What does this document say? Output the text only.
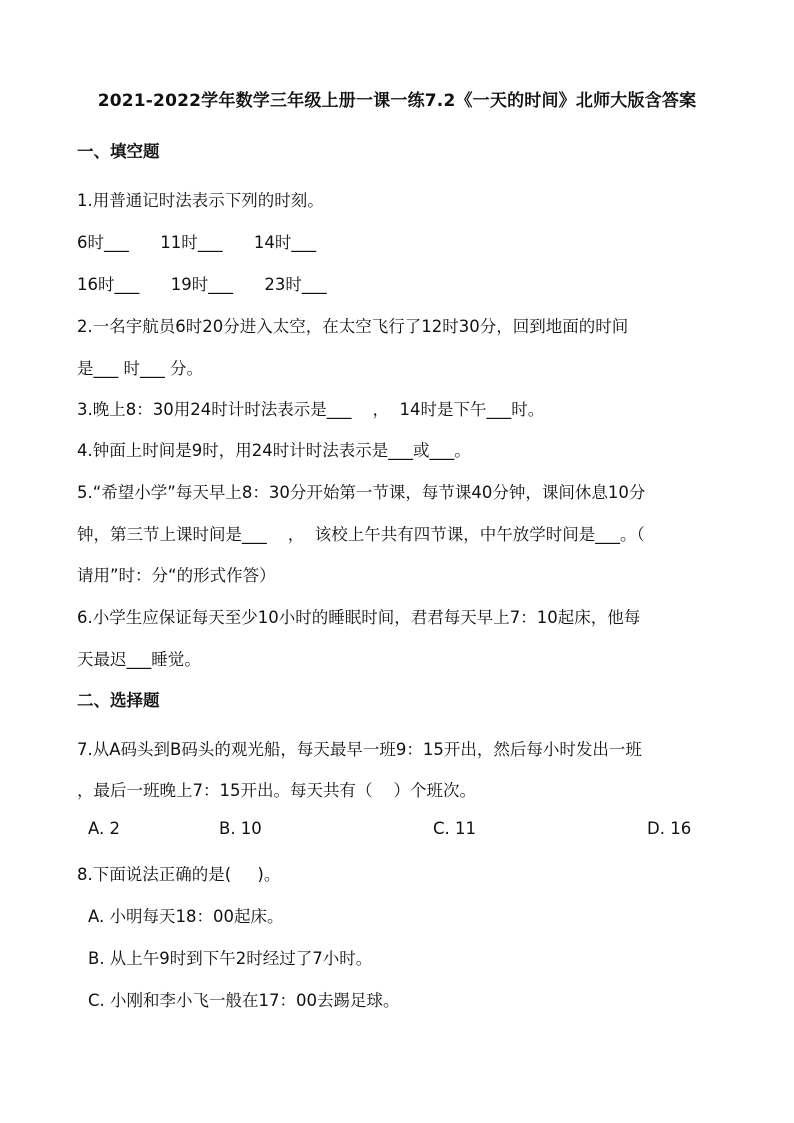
2021-2022学年数学三年级上册一课一练7.2《一天的时间》北师大版含答案
一、填空题
1.用普通记时法表示下列的时刻。
6时___      11时___      14时___
16时___      19时___      23时___
2.一名宇航员6时20分进入太空，在太空飞行了12时30分，回到地面的时间
是___ 时___ 分。
3.晚上8：30用24时计时法表示是___    ，  14时是下午___时。
4.钟面上时间是9时，用24时计时法表示是___或___。
5.“希望小学”每天早上8：30分开始第一节课，每节课40分钟，课间休息10分
钟，第三节上课时间是___    ，  该校上午共有四节课，中午放学时间是___。（
请用”时：分“的形式作答）
6.小学生应保证每天至少10小时的睡眠时间，君君每天早上7：10起床，他每
天最迟___睡觉。
二、选择题
7.从A码头到B码头的观光船，每天最早一班9：15开出，然后每小时发出一班
，最后一班晚上7：15开出。每天共有（    ）个班次。
A. 2	B. 10	C. 11	D. 16
8.下面说法正确的是(     )。
A. 小明每天18：00起床。
B. 从上午9时到下午2时经过了7小时。
C. 小刚和李小飞一般在17：00去踢足球。
